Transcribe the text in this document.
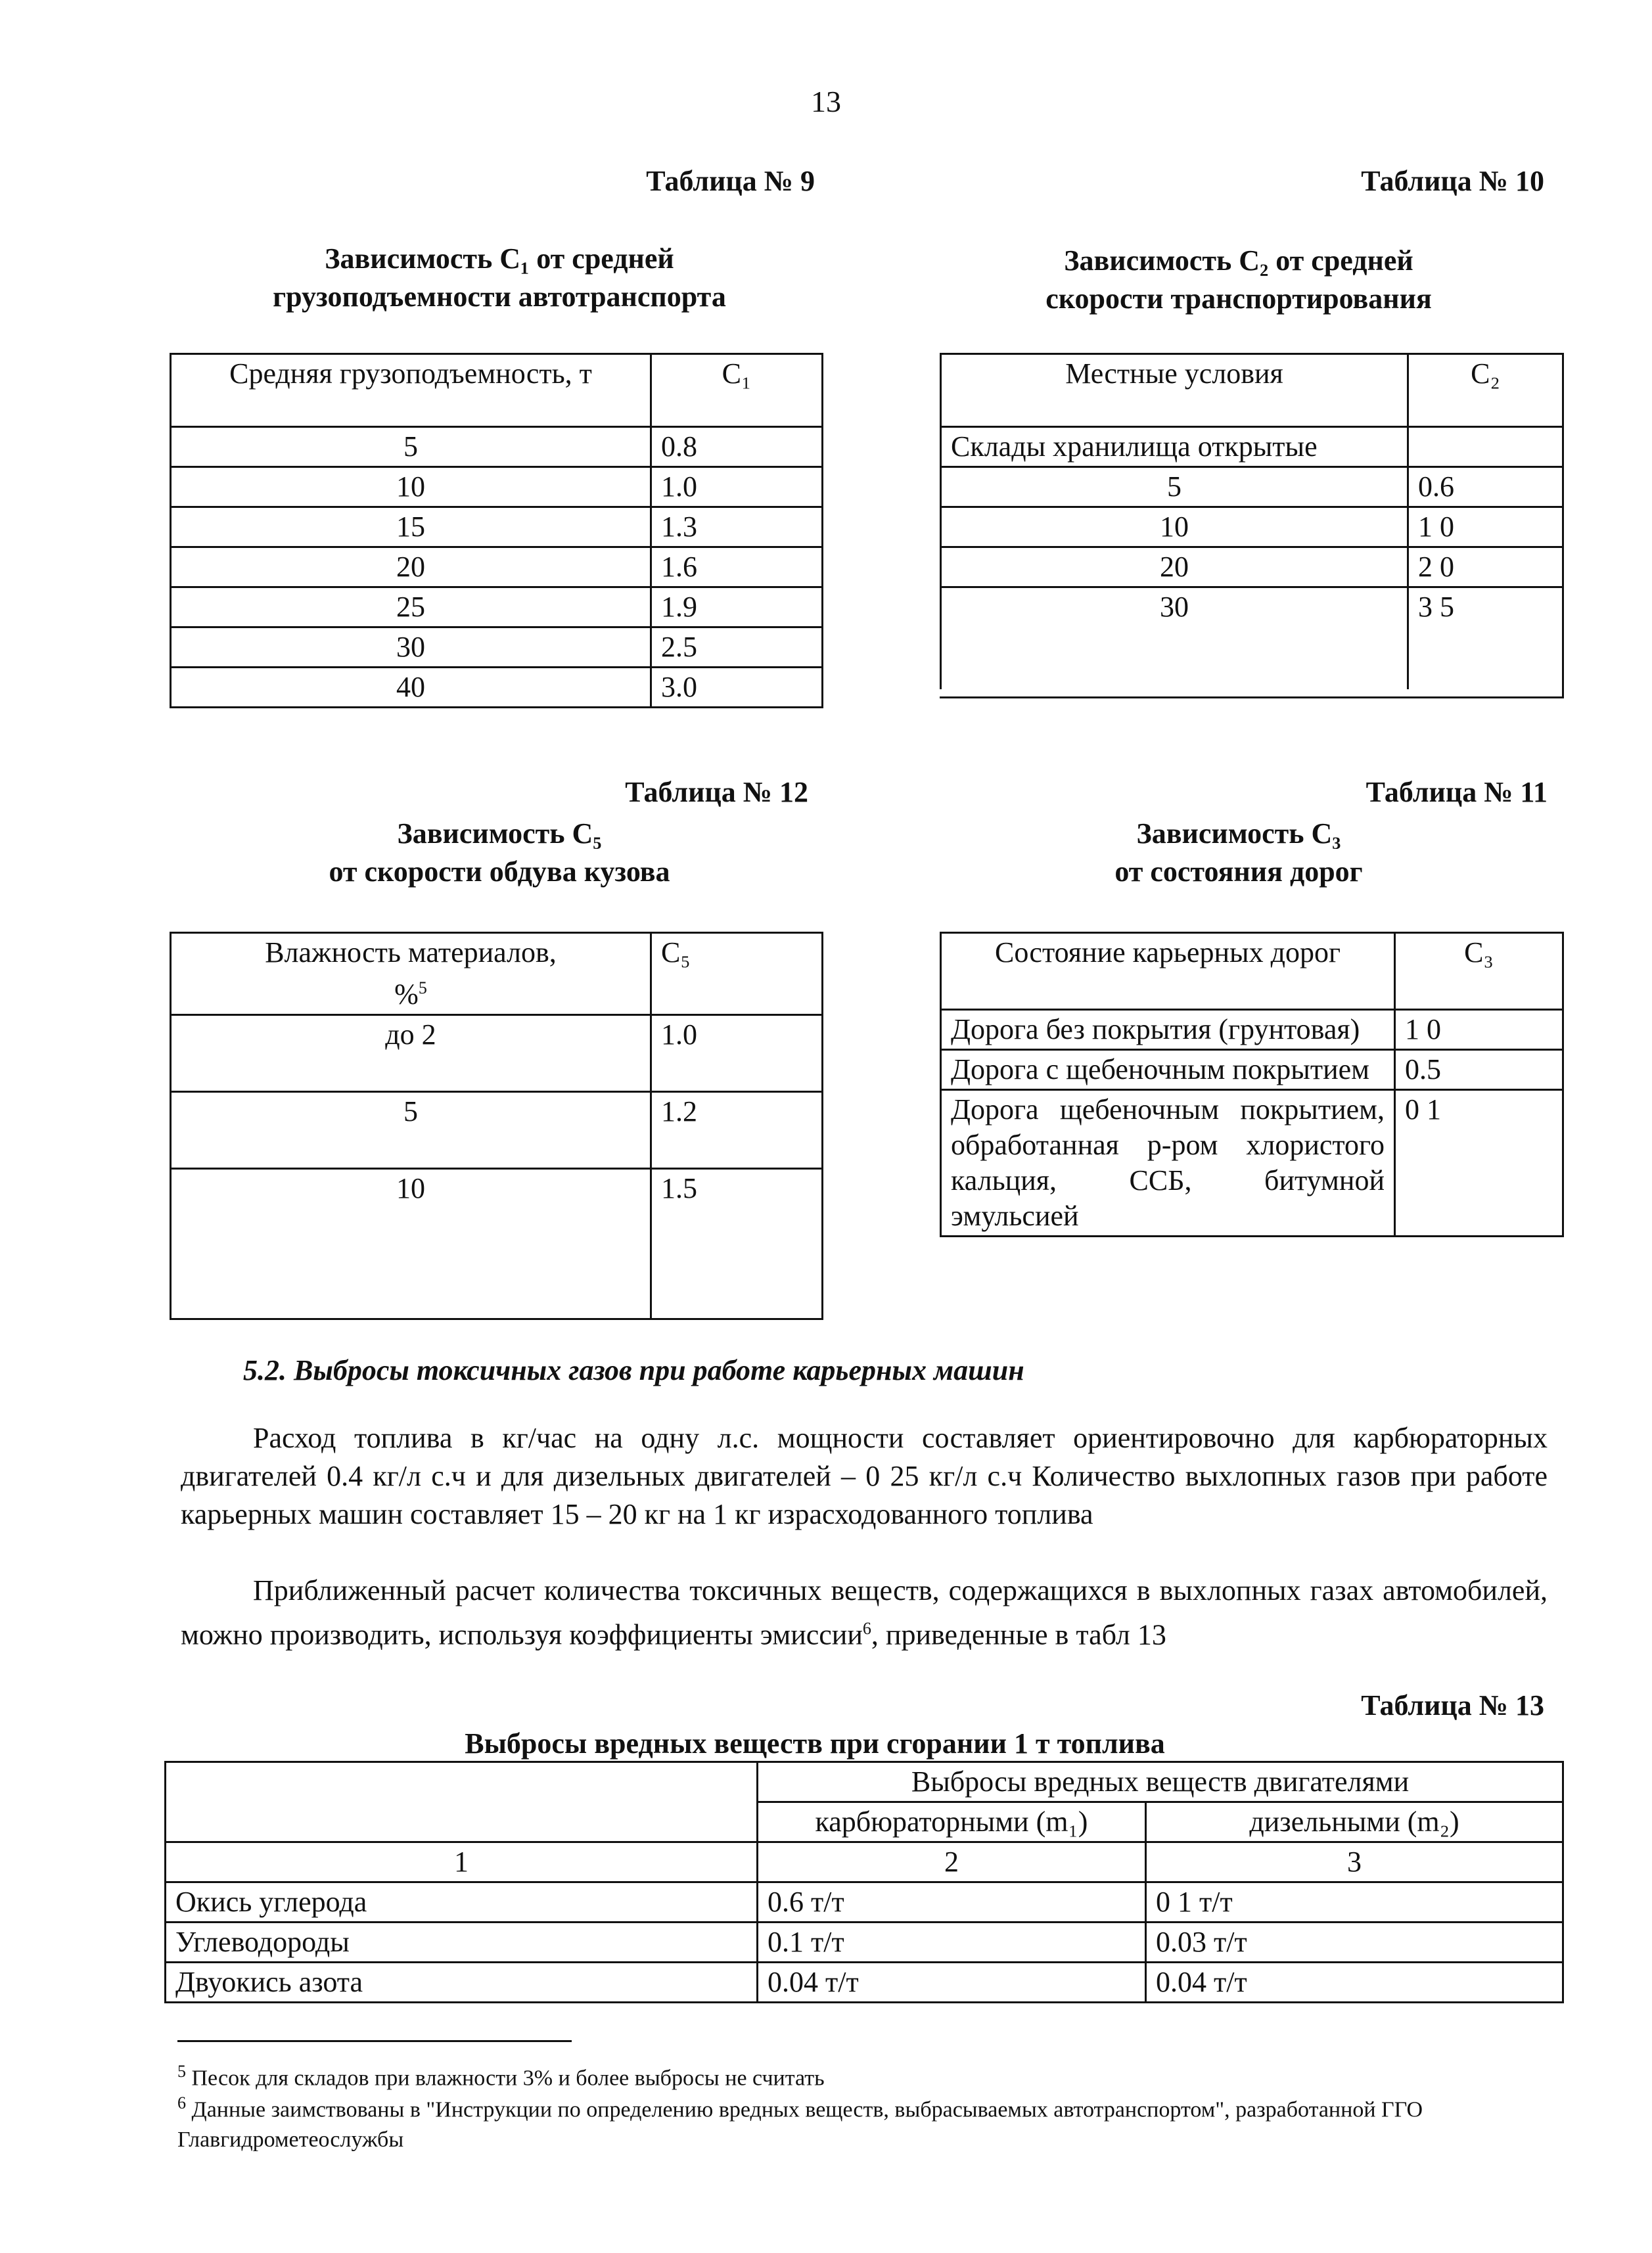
13
Таблица № 9
Зависимость C₁ от средней
грузоподъемности автотранспорта
Средняя грузоподъемность, т	C₁
5	0.8
10	1.0
15	1.3
20	1.6
25	1.9
30	2.5
40	3.0
Таблица № 10
Зависимость C₂ от средней
скорости транспортирования
Местные условия	C₂
Склады хранилища открытые	
5	0.6
10	1 0
20	2 0
30	3 5
Таблица № 12
Зависимость C₅
от скорости обдува кузова
Влажность материалов,
%$^5$	C₅
до 2	1.0
5	1.2
10	1.5
Таблица № 11
Зависимость C₃
от состояния дорог
Состояние карьерных дорог	C₃
Дорога без покрытия (грунтовая)	1 0
Дорога с щебеночным покрытием	0.5
Дорога щебеночным покрытием, обработанная р-ром хлористого кальция, ССБ, битумной эмульсией	0 1
5.2. Выбросы токсичных газов при работе карьерных машин
Расход топлива в кг/час на одну л.с. мощности составляет ориентировочно для карбюраторных двигателей 0.4 кг/л с.ч и для дизельных двигателей – 0 25 кг/л с.ч Количество выхлопных газов при работе карьерных машин составляет 15 – 20 кг на 1 кг израсходованного топлива
Приближенный расчет количества токсичных веществ, содержащихся в выхлопных газах автомобилей, можно производить, используя коэффициенты эмиссии$^6$, приведенные в табл 13
Таблица № 13
Выбросы вредных веществ при сгорании 1 т топлива
	Выбросы вредных веществ двигателями	
	карбюраторными (m₁)	дизельными (m₂)
1	2	3
Окись углерода	0.6 т/т	0 1 т/т
Углеводороды	0.1 т/т	0.03 т/т
Двуокись азота	0.04 т/т	0.04 т/т
$^5$ Песок для складов при влажности 3% и более выбросы не считать
$^6$ Данные заимствованы в "Инструкции по определению вредных веществ, выбрасываемых автотранспортом", разработанной ГГО Главгидрометеослужбы
